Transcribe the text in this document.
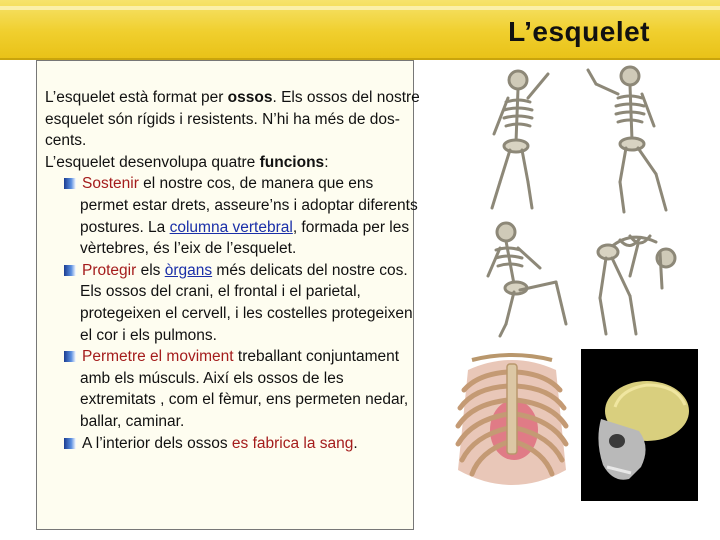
L’esquelet

L’esquelet està format per ossos. Els ossos del nostre esquelet són rígids i resistents. N’hi ha més de dos-cents.

L’esquelet desenvolupa quatre funcions:

Sostenir el nostre cos, de manera que ens permet estar drets, asseure’ns i adoptar diferents postures. La columna vertebral, formada per les vèrtebres, és l’eix de l’esquelet.

Protegir els òrgans més delicats del nostre cos. Els ossos del crani, el frontal i el parietal, protegeixen el cervell, i les costelles protegeixen el cor i els pulmons.

Permetre el moviment treballant conjuntament amb els músculs. Així els ossos de les extremitats , com el fèmur, ens permeten nedar, ballar, caminar.

A l’interior dels ossos es fabrica la sang.
